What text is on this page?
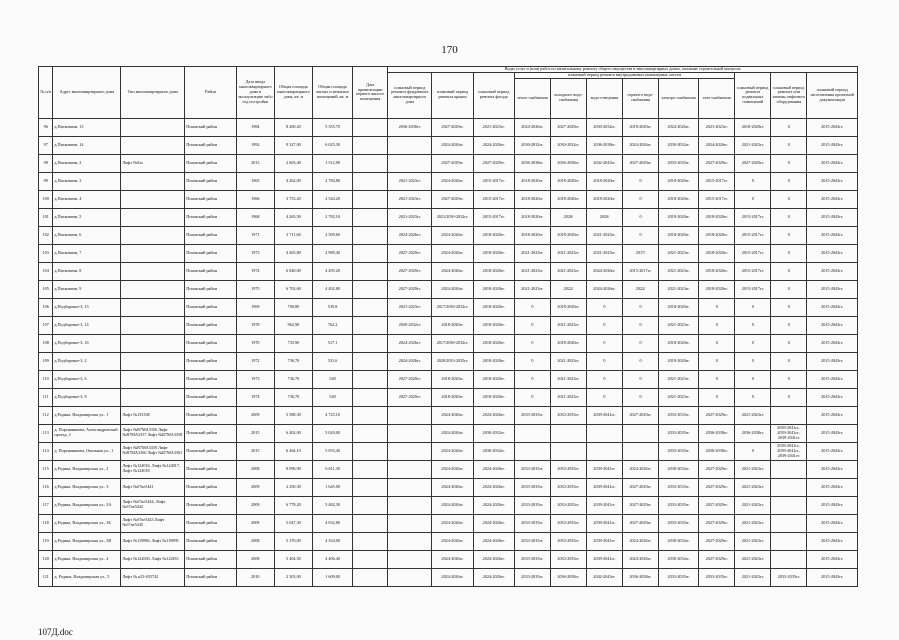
170
№ п/п	Адрес многоквартирного дома	Тип многоквартирного дома	Район	Дата ввода многоквартирного дома в эксплуатацию либо год постройки	Общая площадь многоквартирного дома, кв. м	Общая площадь жилых и нежилых помещений, кв. м	Дата приватизации первого жилого помещения	Виды услуг и (или) работ по капитальному ремонту общего имущества в многоквартирных домах, оказание строительной контроль											
								плановый период ремонта фундамента многоквартирного дома	плановый период ремонта крыши	плановый период ремонта фасада	плановый период ремонта внутридомовых инженерных систем						плановый период ремонта подвальных помещений	плановый период ремонта или замены лифтового оборудования	плановый период изготовления проектной документации
											тепло-снабжения	холодного водо-снабжения	водо-отведения	горячего водо-снабжения	электро-снабжения	газо-снабжения			
96	д.Писковичи, 13		Псковский район	1984	8 200,20	5 355,70		2036-2038гг.	2027-2029гг.	2021-2023гг.	2024-2026гг.	2027-2029гг.	2030-2032гг.	2018-2020гг.	2024-2026гг.	2021-2023гг.	2018-2020гг.	0	2015-2043гг.
97	д.Писковичи, 14		Псковский район	1992	9 327,00	6 025,30			2024-2026гг.	2024-2026гг.	2030-2032гг.	2030-2032гг.	2036-2038гг.	2024-2026гг.	2030-2032гг.	2024-2026гг.	2021-2023гг.	0	2015-2043гг.
98	д.Писковичи, 2	Лифт №б/н	Псковский район	2013	2 603,40	1 512,90			2027-2029гг.	2027-2029гг.	2036-2038гг.	2036-2038гг.	2042-2043гг.	2027-2029гг.	2033-2035гг.	2027-2029гг.	2027-2029гг.	0	2015-2043гг.
99	д.Писковичи, 3		Псковский район	1965	4 262,00	2 784,80		2021-2023гг.	2024-2026гг.	2015-2017гг.	2018-2020гг.	2018-2020гг.	2018-2020гг.	0	2018-2020гг.	2015-2017гг.	0	0	2015-2043гг.
100	д.Писковичи, 4		Псковский район	1966	3 753,20	2 544,20		2021-2023гг.	2027-2029гг.	2015-2017гг.	2018-2020гг.	2018-2020гг.	2018-2020гг.	0	2018-2020гг.	2015-2017гг.	0	0	2015-2043гг.
101	д.Писковичи, 5		Псковский район	1968	4 265,50	2 782,10		2021-2023гг.	2021/2030-2032гг.	2015-2017гг.	2018-2020гг.	2020/	2020/	0	2018-2020гг.	2018-2020гг.	2015-2017гг.	0	2015-2043гг.
102	д.Писковичи, 6		Псковский район	1971	3 711,60	2 509,60		2024-2026гг.	2024-2026гг.	2018-2020гг.	2018-2020гг.	2018-2020гг.	2021-2023гг.	0	2018-2020гг.	2018-2020гг.	2015-2017гг.	0	2015-2043гг.
103	д.Писковичи, 7		Псковский район	1973	4 465,80	2 989,40		2027-2029гг.	2024-2026гг.	2018-2020гг.	2021-2023гг.	2021-2023гг.	2021-2023гг.	2017/	2021-2023гг.	2018-2020гг.	2015-2017гг.	0	2015-2043гг.
104	д.Писковичи, 8		Псковский район	1974	6 840,00	4 495,20		2027-2029гг.	2024-2026гг.	2018-2020гг.	2021-2023гг.	2021-2023гг.	2024-2026гг.	2015-2017гг.	2021-2023гг.	2018-2020гг.	2015-2017гг.	0	2015-2043гг.
105	д.Писковичи, 9		Псковский район	1975	6 702,60	4 492,80		2027-2029гг.	2024-2026гг.	2018-2020гг.	2021-2023гг.	2022/	2024-2026гг.	2022/	2021-2023гг.	2018-2020гг.	2015-2017гг.	0	2015-2043гг.
106	д.Подборовье-3, 13		Псковский район	1969	700,80	539,8		2021-2023гг.	2017/2030-2032гг.	2018-2020гг.	0	2018-2020гг.	0	0	2018-2020гг.	0	0	0	2015-2043гг.
107	д.Подборовье-3, 14		Псковский район	1978	962,90	762,2		2030-2032гг.	2018-2020гг.	2018-2020гг.	0	2021-2023гг.	0	0	2021-2023гг.	0	0	0	2015-2043гг.
108	д.Подборовье-3, 16		Псковский район	1970	733,90	517,1		2024-2026гг.	2017/2030-2032гг.	2018-2020гг.	0	2018-2020гг.	0	0	2018-2020гг.	0	0	0	2015-2043гг.
109	д.Подборовье-3, 2		Псковский район	1972	736,70	531,6		2024-2026гг.	2020/2033-2035гг.	2018-2020гг.	0	2021-2023гг.	0	0	2018-2020гг.	0	0	0	2015-2043гг.
110	д.Подборовье-3, 6		Псковский район	1973	736,70	540		2027-2029гг.	2018-2020гг.	2018-2020гг.	0	2021-2023гг.	0	0	2021-2023гг.	0	0	0	2015-2043гг.
111	д.Подборовье-3, 8		Псковский район	1974	736,70	540		2027-2029гг.	2018-2020гг.	2018-2020гг.	0	2021-2023гг.	0	0	2021-2023гг.	0	0	0	2015-2043гг.
112	д.Родина, Владимирская ул., 1	Лифт №135338	Псковский район	2009	5 588,30	4 725,10			2024-2026гг.	2024-2026гг.	2033-2035гг.	2033-2035гг.	2039-2041гг.	2027-2029гг.	2033-2035гг.	2027-2029гг.	2021-2023гг.		2015-2043гг.
113	д. Портянникова, Александровский проезд, 2	Лифт №В7МА3356 Лифт №В7МА3357 Лифт №В7МА3358	Псковский район	2015	6 402,00	5 020,00			2024-2026гг.	2030-2032гг.					2033-2035гг.	2036-2038гг.	2036-2038гг.	2039-2041гг., 2039-2041гг., 2039-2041гг.	2015-2043гг.
114	д. Портянникова, Окольная ул., 1	Лифт №В7МА3359 Лифт №В7МА3360 Лифт №В7МА3361	Псковский район	2015	6 464,10	5 055,40			2024-2026гг.	2030-2032гг.					2033-2035гг.	2036-2038гг.	0	2039-2041гг., 2039-2041гг., 2039-2041гг.	2015-2043гг.
115	д.Родина, Владимирская ул., 2	Лифт №124016, Лифт №124017, Лифт №124018	Псковский район	2008	8 096,90	6 611,30			2024-2026гг.	2024-2026гг.	2033-2035гг.	2033-2035гг.	2039-2041гг.	2024-2026гг.	2030-2032гг.	2027-2029гг.	2021-2023гг.		2015-2043гг.
116	д.Родина, Владимирская ул., 3	Лифт №б7ne5441	Псковский район	2009	2 250,30	1 645,00			2024-2026гг.	2024-2026гг.	2033-2035гг.	2033-2035гг.	2039-2041гг.	2027-2029гг.	2033-2035гг.	2027-2029гг.	2021-2023гг.		2015-2043гг.
117	д.Родина, Владимирская ул., 3А	Лифт №б7ne5444, Лифт №б7ne5442	Псковский район	2009	6 778,20	5 482,30			2024-2026гг.	2024-2026гг.	2033-2035гг.	2033-2035гг.	2039-2041гг.	2027-2029гг.	2033-2035гг.	2027-2029гг.	2021-2023гг.		2015-2043гг.
118	д.Родина, Владимирская ул., 3Б	Лифт №б7ne5443 Лифт №б7ne5445	Псковский район	2009	5 047,30	4 032,80			2024-2026гг.	2024-2026гг.	2033-2035гг.	2033-2035гг.	2039-2041гг.	2027-2029гг.	2033-2035гг.	2027-2029гг.	2021-2023гг.		2015-2043гг.
119	д.Родина, Владимирская ул., 3В	Лифт №119896, Лифт №119895	Псковский район	2008	5 370,00	4 354,00			2024-2026гг.	2024-2026гг.	2033-2035гг.	2033-2035гг.	2039-2041гг.	2024-2026гг.	2030-2032гг.	2027-2029гг.	2021-2023гг.		2015-2043гг.
120	д.Родина, Владимирская ул., 4	Лифт №122650, Лифт №122651	Псковский район	2008	5 404,50	4 406,40			2024-2026гг.	2024-2026гг.	2033-2035гг.	2033-2035гг.	2039-2041гг.	2024-2026гг.	2030-2032гг.	2027-2029гг.	2021-2023гг.		2015-2043гг.
121	д. Родина, Владимирская ул., 5	Лифт № к23-035742	Псковский район	2010	2 303,00	1 609,00			2024-2026гг.	2024-2026гг.	2033-2035гг.	2036-2038гг.	2042-2043гг.	2036-2038гг.	2033-2035гг.	2033-2035гг.	2021-2023гг.	2033-2035гг.	2015-2043гг.
107Д.doc
